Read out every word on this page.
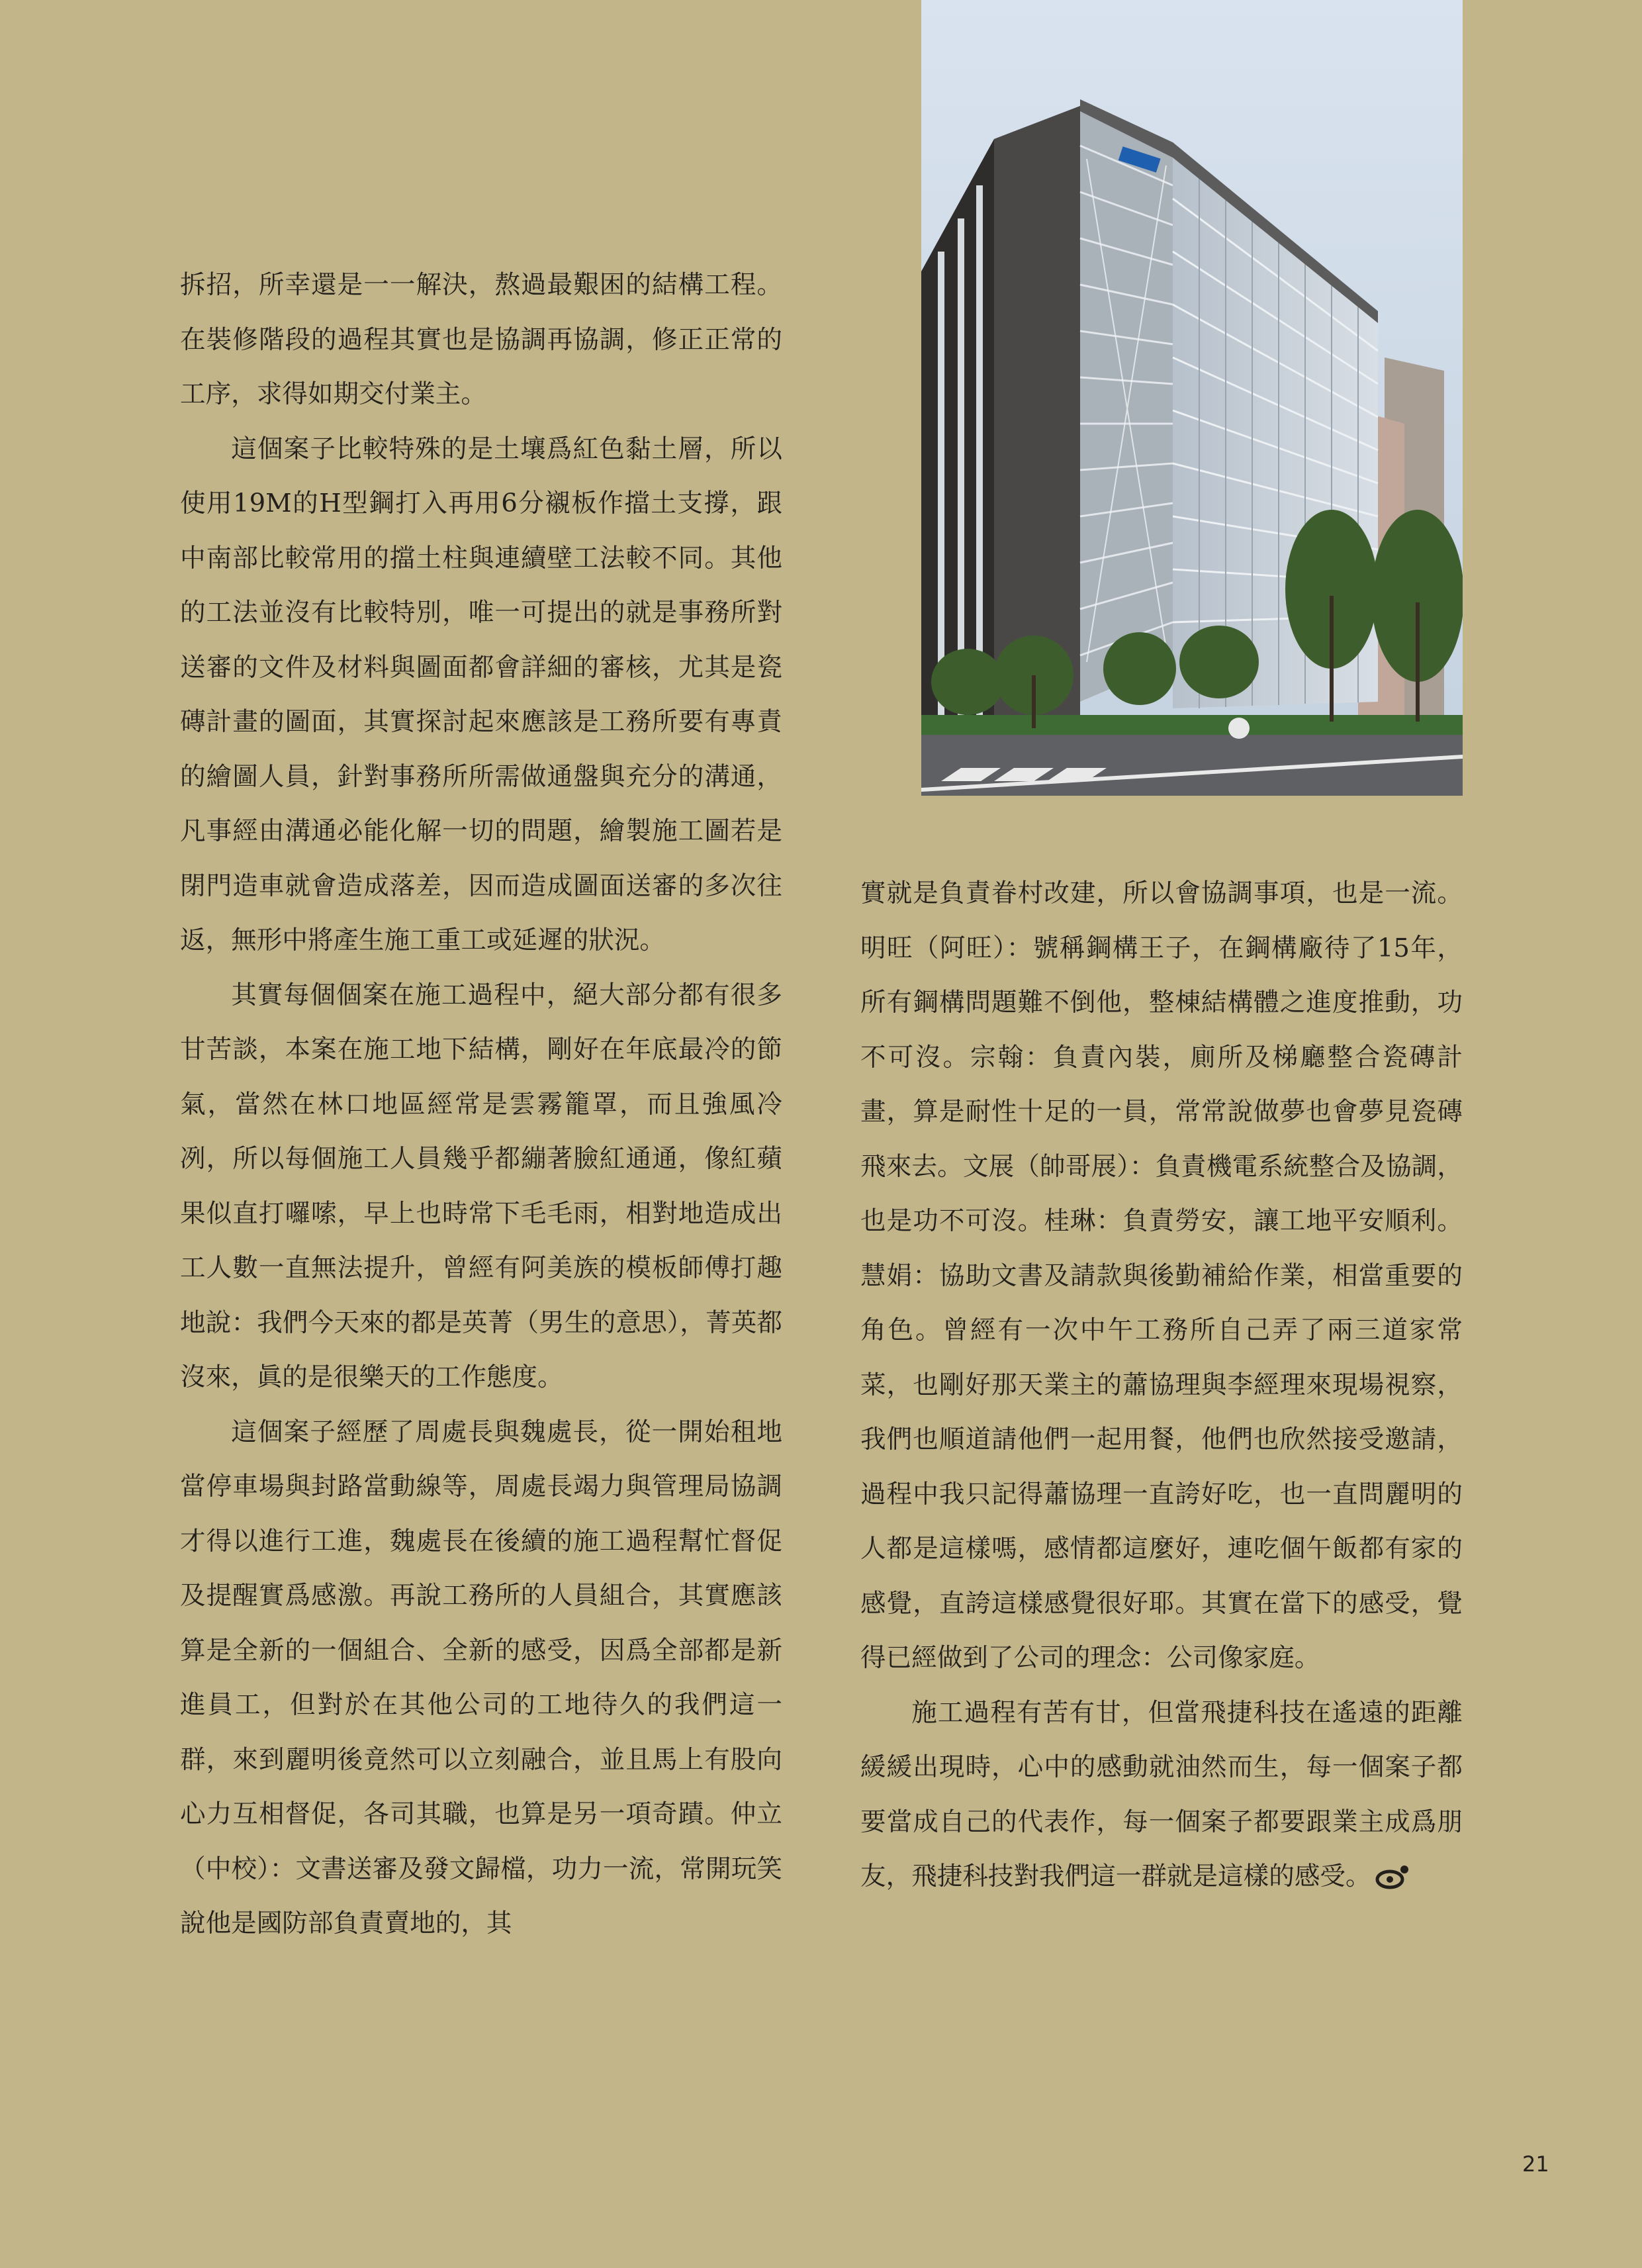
拆招，所幸還是一一解決，熬過最艱困的結構工程。在裝修階段的過程其實也是協調再協調，修正正常的工序，求得如期交付業主。

這個案子比較特殊的是土壤爲紅色黏土層，所以使用19M的H型鋼打入再用6分襯板作擋土支撐，跟中南部比較常用的擋土柱與連續壁工法較不同。其他的工法並沒有比較特別，唯一可提出的就是事務所對送審的文件及材料與圖面都會詳細的審核，尤其是瓷磚計畫的圖面，其實探討起來應該是工務所要有專責的繪圖人員，針對事務所所需做通盤與充分的溝通，凡事經由溝通必能化解一切的問題，繪製施工圖若是閉門造車就會造成落差，因而造成圖面送審的多次往返，無形中將產生施工重工或延遲的狀況。

其實每個個案在施工過程中，絕大部分都有很多甘苦談，本案在施工地下結構，剛好在年底最冷的節氣，當然在林口地區經常是雲霧籠罩，而且強風冷冽，所以每個施工人員幾乎都繃著臉紅通通，像紅蘋果似直打囉嗦，早上也時常下毛毛雨，相對地造成出工人數一直無法提升，曾經有阿美族的模板師傅打趣地說：我們今天來的都是英菁（男生的意思），菁英都沒來，眞的是很樂天的工作態度。

這個案子經歷了周處長與魏處長，從一開始租地當停車場與封路當動線等，周處長竭力與管理局協調才得以進行工進，魏處長在後續的施工過程幫忙督促及提醒實爲感激。再說工務所的人員組合，其實應該算是全新的一個組合、全新的感受，因爲全部都是新進員工，但對於在其他公司的工地待久的我們這一群，來到麗明後竟然可以立刻融合，並且馬上有股向心力互相督促，各司其職，也算是另一項奇蹟。仲立（中校）：文書送審及發文歸檔，功力一流，常開玩笑說他是國防部負責賣地的，其

實就是負責眷村改建，所以會協調事項，也是一流。明旺（阿旺）：號稱鋼構王子，在鋼構廠待了15年，所有鋼構問題難不倒他，整棟結構體之進度推動，功不可沒。宗翰：負責內裝，廁所及梯廳整合瓷磚計畫，算是耐性十足的一員，常常說做夢也會夢見瓷磚飛來去。文展（帥哥展）：負責機電系統整合及協調，也是功不可沒。桂琳：負責勞安，讓工地平安順利。慧娟：協助文書及請款與後勤補給作業，相當重要的角色。曾經有一次中午工務所自己弄了兩三道家常菜，也剛好那天業主的蕭協理與李經理來現場視察，我們也順道請他們一起用餐，他們也欣然接受邀請，過程中我只記得蕭協理一直誇好吃，也一直問麗明的人都是這樣嗎，感情都這麼好，連吃個午飯都有家的感覺，直誇這樣感覺很好耶。其實在當下的感受，覺得已經做到了公司的理念：公司像家庭。

施工過程有苦有甘，但當飛捷科技在遙遠的距離緩緩出現時，心中的感動就油然而生，每一個案子都要當成自己的代表作，每一個案子都要跟業主成爲朋友，飛捷科技對我們這一群就是這樣的感受。

21
